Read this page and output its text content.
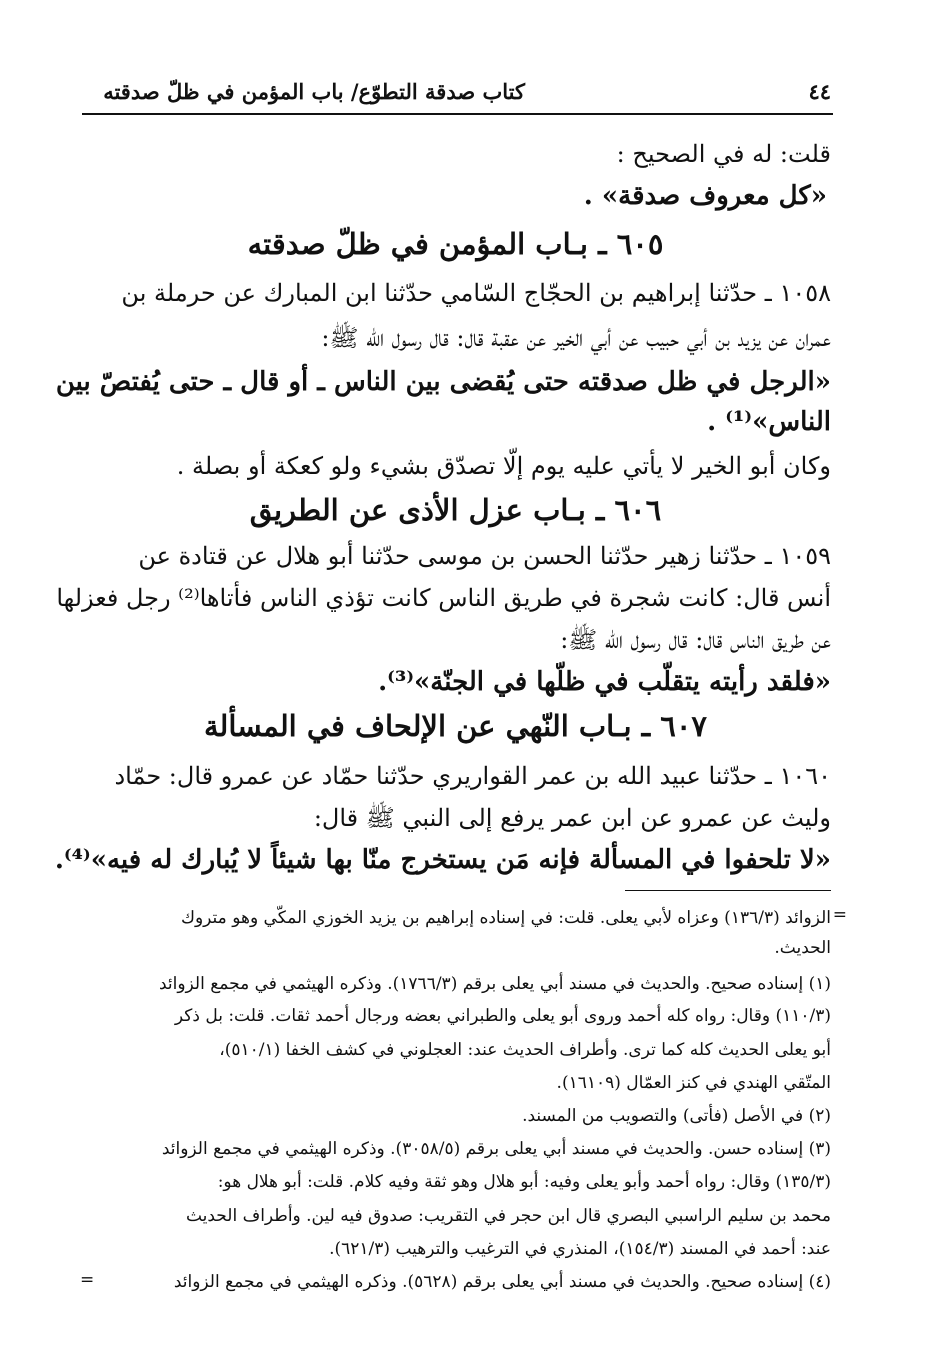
٤٤
كتاب صدقة التطوّع/ باب المؤمن في ظلّ صدقته
قلت: له في الصحيح :
«كل معروف صدقة» .
٦٠٥ ـ بـاب المؤمن في ظلّ صدقته
١٠٥٨ ـ حدّثنا إبراهيم بن الحجّاج السّامي حدّثنا ابن المبارك عن حرملة بن
عمران عن يزيد بن أبي حبيب عن أبي الخير عن عقبة قال: قال رسول الله ﷺ:
«الرجل في ظل صدقته حتى يُقضى بين الناس ـ أو قال ـ حتى يُفتصّ بين
الناس»⁽¹⁾ .
وكان أبو الخير لا يأتي عليه يوم إلّا تصدّق بشيء ولو كعكة أو بصلة .
٦٠٦ ـ بـاب عزل الأذى عن الطريق
١٠٥٩ ـ حدّثنا زهير حدّثنا الحسن بن موسى حدّثنا أبو هلال عن قتادة عن
أنس قال: كانت شجرة في طريق الناس كانت تؤذي الناس فأتاها⁽²⁾ رجل فعزلها
عن طريق الناس قال: قال رسول الله ﷺ:
«فلقد رأيته يتقلّب في ظلّها في الجنّة»⁽³⁾.
٦٠٧ ـ بـاب النّهي عن الإلحاف في المسألة
١٠٦٠ ـ حدّثنا عبيد الله بن عمر القواريري حدّثنا حمّاد عن عمرو قال: حمّاد
وليث عن عمرو عن ابن عمر يرفع إلى النبي ﷺ قال:
«لا تلحفوا في المسألة فإنه مَن يستخرج منّا بها شيئاً لا يُبارك له فيه»⁽⁴⁾.
=
الزوائد (١٣٦/٣) وعزاه لأبي يعلى. قلت: في إسناده إبراهيم بن يزيد الخوزي المكّي وهو متروك
الحديث.
(١) إسناده صحيح. والحديث في مسند أبي يعلى برقم (١٧٦٦/٣). وذكره الهيثمي في مجمع الزوائد
(١١٠/٣) وقال: رواه كله أحمد وروى أبو يعلى والطبراني بعضه ورجال أحمد ثقات. قلت: بل ذكر
أبو يعلى الحديث كله كما ترى. وأطراف الحديث عند: العجلوني في كشف الخفا (٥١٠/١)،
المتّقي الهندي في كنز العمّال (١٦١٠٩).
(٢) في الأصل (فأتى) والتصويب من المسند.
(٣) إسناده حسن. والحديث في مسند أبي يعلى برقم (٣٠٥٨/٥). وذكره الهيثمي في مجمع الزوائد
(١٣٥/٣) وقال: رواه أحمد وأبو يعلى وفيه: أبو هلال وهو ثقة وفيه كلام. قلت: أبو هلال هو:
محمد بن سليم الراسبي البصري قال ابن حجر في التقريب: صدوق فيه لين. وأطراف الحديث
عند: أحمد في المسند (١٥٤/٣)، المنذري في الترغيب والترهيب (٦٢١/٣).
(٤) إسناده صحيح. والحديث في مسند أبي يعلى برقم (٥٦٢٨). وذكره الهيثمي في مجمع الزوائد
=
